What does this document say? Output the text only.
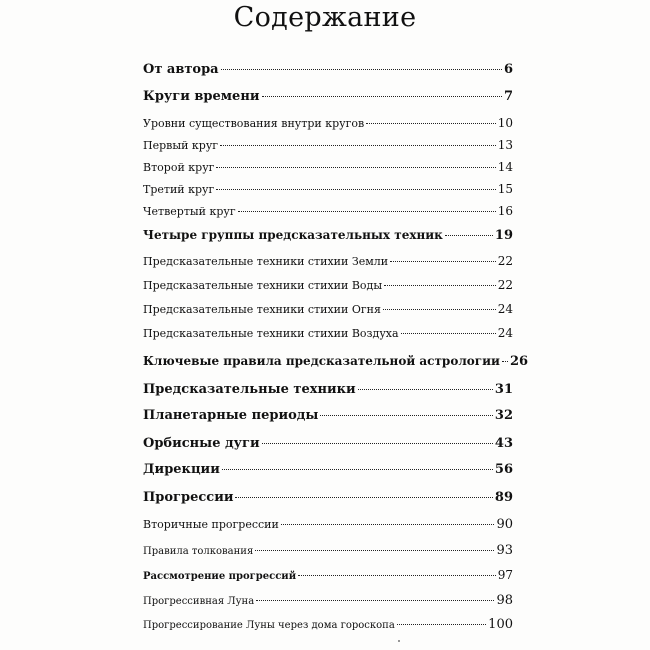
Содержание
От автора	6
Круги времени	7
Уровни существования внутри кругов	10
Первый круг	13
Второй круг	14
Третий круг	15
Четвертый круг	16
Четыре группы предсказательных техник	19
Предсказательные техники стихии Земли	22
Предсказательные техники стихии Воды	22
Предсказательные техники стихии Огня	24
Предсказательные техники стихии Воздуха	24
Ключевые правила предсказательной астрологии 26
Предсказательные техники	31
Планетарные периоды	32
Орбисные дуги	43
Дирекции	56
Прогрессии	89
Вторичные прогрессии	90
Правила толкования	93
Рассмотрение прогрессий	97
Прогрессивная Луна	98
Прогрессирование Луны через дома гороскопа	100
